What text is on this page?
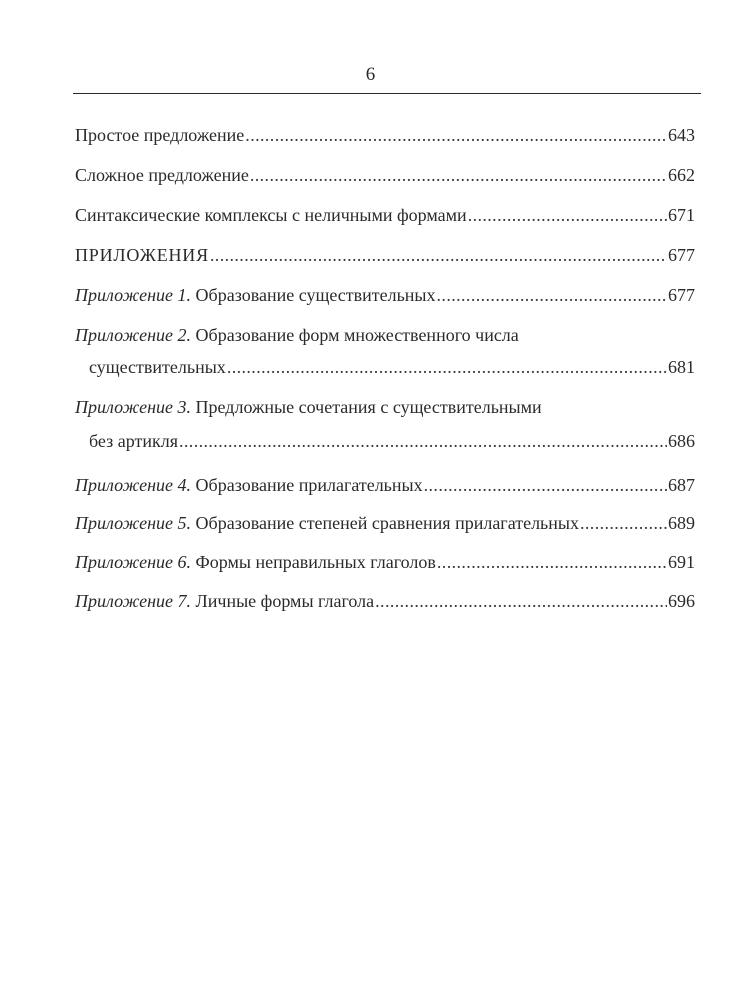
6
Простое предложение .....	643
Сложное предложение .....	662
Синтаксические комплексы с неличными формами .....	671
ПРИЛОЖЕНИЯ .....	677
Приложение 1. Образование существительных .....	677
Приложение 2. Образование форм множественного числа
существительных .....	681
Приложение 3. Предложные сочетания с существительными
без артикля .....	686
Приложение 4. Образование прилагательных .....	687
Приложение 5. Образование степеней сравнения прилагательных .....	689
Приложение 6. Формы неправильных глаголов .....	691
Приложение 7. Личные формы глагола .....	696
